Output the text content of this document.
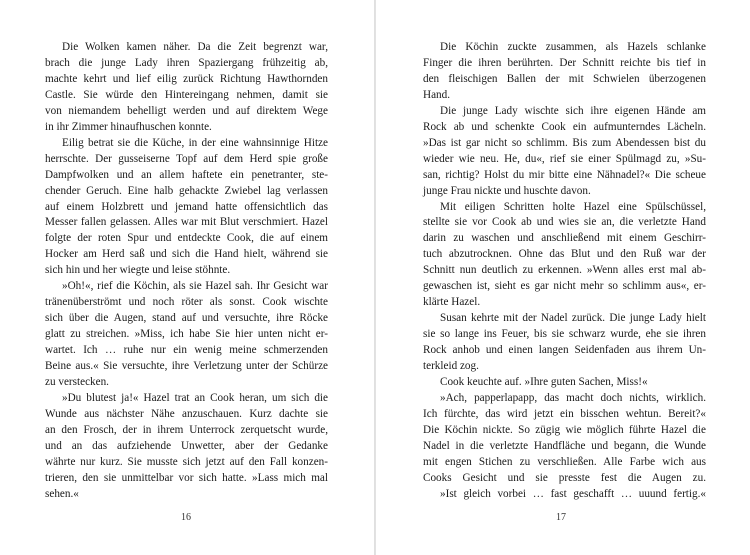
Die Wolken kamen näher. Da die Zeit begrenzt war,
brach die junge Lady ihren Spaziergang frühzeitig ab,
machte kehrt und lief eilig zurück Richtung Hawthornden
Castle. Sie würde den Hintereingang nehmen, damit sie
von niemandem behelligt werden und auf direktem Wege
in ihr Zimmer hinaufhuschen konnte.
Eilig betrat sie die Küche, in der eine wahnsinnige Hitze
herrschte. Der gusseiserne Topf auf dem Herd spie große
Dampfwolken und an allem haftete ein penetranter, ste-
chender Geruch. Eine halb gehackte Zwiebel lag verlassen
auf einem Holzbrett und jemand hatte offensichtlich das
Messer fallen gelassen. Alles war mit Blut verschmiert. Hazel
folgte der roten Spur und entdeckte Cook, die auf einem
Hocker am Herd saß und sich die Hand hielt, während sie
sich hin und her wiegte und leise stöhnte.
»Oh!«, rief die Köchin, als sie Hazel sah. Ihr Gesicht war
tränenüberströmt und noch röter als sonst. Cook wischte
sich über die Augen, stand auf und versuchte, ihre Röcke
glatt zu streichen. »Miss, ich habe Sie hier unten nicht er-
wartet. Ich … ruhe nur ein wenig meine schmerzenden
Beine aus.« Sie versuchte, ihre Verletzung unter der Schürze
zu verstecken.
»Du blutest ja!« Hazel trat an Cook heran, um sich die
Wunde aus nächster Nähe anzuschauen. Kurz dachte sie
an den Frosch, der in ihrem Unterrock zerquetscht wurde,
und an das aufziehende Unwetter, aber der Gedanke
währte nur kurz. Sie musste sich jetzt auf den Fall konzen-
trieren, den sie unmittelbar vor sich hatte. »Lass mich mal
sehen.«
16
Die Köchin zuckte zusammen, als Hazels schlanke
Finger die ihren berührten. Der Schnitt reichte bis tief in
den fleischigen Ballen der mit Schwielen überzogenen
Hand.
Die junge Lady wischte sich ihre eigenen Hände am
Rock ab und schenkte Cook ein aufmunterndes Lächeln.
»Das ist gar nicht so schlimm. Bis zum Abendessen bist du
wieder wie neu. He, du«, rief sie einer Spülmagd zu, »Su-
san, richtig? Holst du mir bitte eine Nähnadel?« Die scheue
junge Frau nickte und huschte davon.
Mit eiligen Schritten holte Hazel eine Spülschüssel,
stellte sie vor Cook ab und wies sie an, die verletzte Hand
darin zu waschen und anschließend mit einem Geschirr-
tuch abzutrocknen. Ohne das Blut und den Ruß war der
Schnitt nun deutlich zu erkennen. »Wenn alles erst mal ab-
gewaschen ist, sieht es gar nicht mehr so schlimm aus«, er-
klärte Hazel.
Susan kehrte mit der Nadel zurück. Die junge Lady hielt
sie so lange ins Feuer, bis sie schwarz wurde, ehe sie ihren
Rock anhob und einen langen Seidenfaden aus ihrem Un-
terkleid zog.
Cook keuchte auf. »Ihre guten Sachen, Miss!«
»Ach, papperlapapp, das macht doch nichts, wirklich.
Ich fürchte, das wird jetzt ein bisschen wehtun. Bereit?«
Die Köchin nickte. So zügig wie möglich führte Hazel die
Nadel in die verletzte Handfläche und begann, die Wunde
mit engen Stichen zu verschließen. Alle Farbe wich aus
Cooks Gesicht und sie presste fest die Augen zu.
»Ist gleich vorbei … fast geschafft … uuund fertig.«
17
